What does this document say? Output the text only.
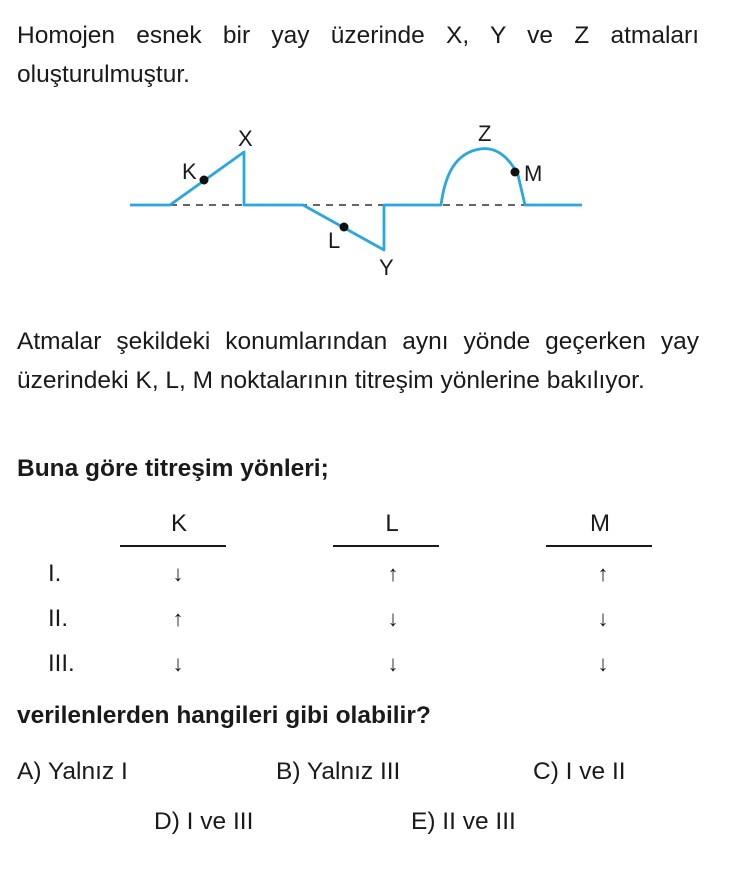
Homojen esnek bir yay üzerinde X, Y ve Z atmaları oluşturulmuştur.

K
X
L
Y
Z
M

Atmalar şekildeki konumlarından aynı yönde geçerken yay üzerindeki K, L, M noktalarının titreşim yönlerine bakılıyor.

Buna göre titreşim yönleri;

K	L	M
I.	↓	↑	↑
II.	↑	↓	↓
III.	↓	↓	↓

verilenlerden hangileri gibi olabilir?

A) Yalnız I	B) Yalnız III	C) I ve II
D) I ve III	E) II ve III
